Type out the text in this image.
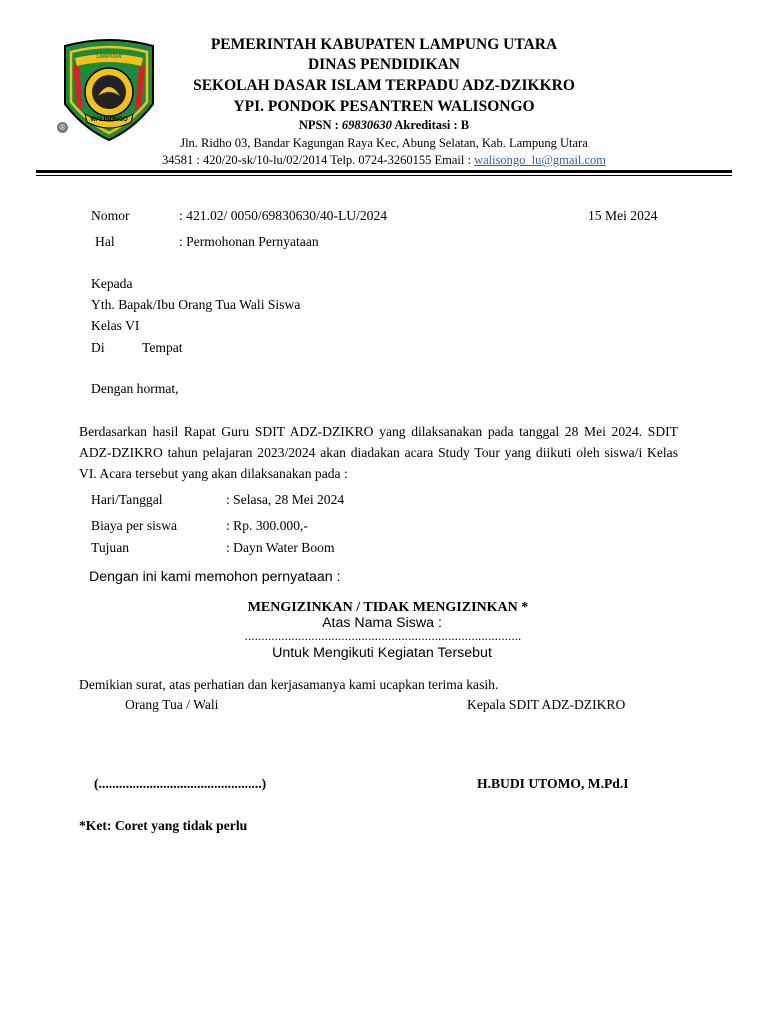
LAMPURA
WALISONGO
®
PEMERINTAH KABUPATEN LAMPUNG UTARA
DINAS PENDIDIKAN
SEKOLAH DASAR ISLAM TERPADU ADZ-DZIKKRO
YPI. PONDOK PESANTREN WALISONGO
NPSN : 69830630 Akreditasi : B
Jln. Ridho 03, Bandar Kagungan Raya Kec, Abung Selatan, Kab. Lampung Utara
34581 : 420/20-sk/10-lu/02/2014 Telp. 0724-3260155 Email : walisongo_lu@gmail.com
Nomor	: 421.02/ 0050/69830630/40-LU/2024	15 Mei 2024
Hal	: Permohonan Pernyataan
Kepada
Yth. Bapak/Ibu Orang Tua Wali Siswa
Kelas VI
Di	Tempat
Dengan hormat,
Berdasarkan hasil Rapat Guru SDIT ADZ-DZIKRO yang dilaksanakan pada tanggal 28 Mei 2024. SDIT ADZ-DZIKRO tahun pelajaran 2023/2024 akan diadakan acara Study Tour yang diikuti oleh siswa/i Kelas VI. Acara tersebut yang akan dilaksanakan pada :
Hari/Tanggal	: Selasa, 28 Mei 2024
Biaya per siswa	: Rp. 300.000,-
Tujuan	: Dayn Water Boom
Dengan ini kami memohon pernyataan :
MENGIZINKAN / TIDAK MENGIZINKAN *
Atas Nama Siswa :
...................................................................................
Untuk Mengikuti Kegiatan Tersebut
Demikian surat, atas perhatian dan kerjasamanya kami ucapkan terima kasih.
Orang Tua / Wali	Kepala SDIT ADZ-DZIKRO
(................................................)	H.BUDI UTOMO, M.Pd.I
*Ket: Coret yang tidak perlu
